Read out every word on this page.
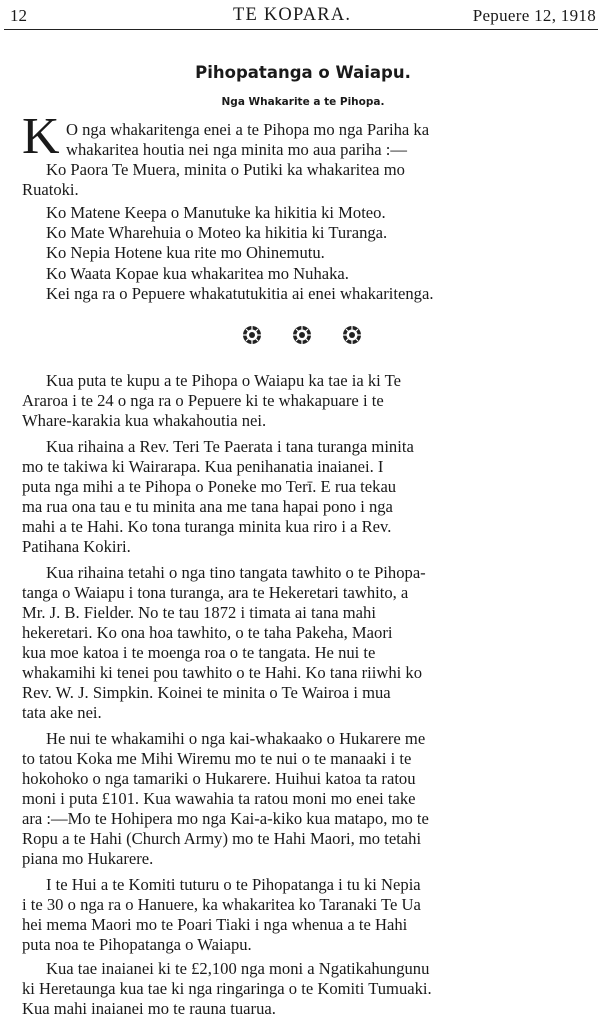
12	TE KOPARA.	Pepuere 12, 1918
Pihopatanga o Waiapu.
Nga Whakarite a te Pihopa.
K O nga whakaritenga enei a te Pihopa mo nga Pariha ka

whakaritea houtia nei nga minita mo aua pariha :—

Ko Paora Te Muera, minita o Putiki ka whakaritea mo

Ruatoki.

Ko Matene Keepa o Manutuke ka hikitia ki Moteo.

Ko Mate Wharehuia o Moteo ka hikitia ki Turanga.

Ko Nepia Hotene kua rite mo Ohinemutu.

Ko Waata Kopae kua whakaritea mo Nuhaka.

Kei nga ra o Pepuere whakatutukitia ai enei whakaritenga.

Kua puta te kupu a te Pihopa o Waiapu ka tae ia ki Te

Araroa i te 24 o nga ra o Pepuere ki te whakapuare i te

Whare-karakia kua whakahoutia nei.

Kua rihaina a Rev. Teri Te Paerata i tana turanga minita

mo te takiwa ki Wairarapa. Kua penihanatia inaianei. I

puta nga mihi a te Pihopa o Poneke mo Terī. E rua tekau

ma rua ona tau e tu minita ana me tana hapai pono i nga

mahi a te Hahi. Ko tona turanga minita kua riro i a Rev.

Patihana Kokiri.

Kua rihaina tetahi o nga tino tangata tawhito o te Pihopa-

tanga o Waiapu i tona turanga, ara te Hekeretari tawhito, a

Mr. J. B. Fielder. No te tau 1872 i timata ai tana mahi

hekeretari. Ko ona hoa tawhito, o te taha Pakeha, Maori

kua moe katoa i te moenga roa o te tangata. He nui te

whakamihi ki tenei pou tawhito o te Hahi. Ko tana riiwhi ko

Rev. W. J. Simpkin. Koinei te minita o Te Wairoa i mua

tata ake nei.

He nui te whakamihi o nga kai-whakaako o Hukarere me

to tatou Koka me Mihi Wiremu mo te nui o te manaaki i te

hokohoko o nga tamariki o Hukarere. Huihui katoa ta ratou

moni i puta £101. Kua wawahia ta ratou moni mo enei take

ara :—Mo te Hohipera mo nga Kai-a-kiko kua matapo, mo te

Ropu a te Hahi (Church Army) mo te Hahi Maori, mo tetahi

piana mo Hukarere.

I te Hui a te Komiti tuturu o te Pihopatanga i tu ki Nepia

i te 30 o nga ra o Hanuere, ka whakaritea ko Taranaki Te Ua

hei mema Maori mo te Poari Tiaki i nga whenua a te Hahi

puta noa te Pihopatanga o Waiapu.

Kua tae inaianei ki te £2,100 nga moni a Ngatikahungunu

ki Heretaunga kua tae ki nga ringaringa o te Komiti Tumuaki.

Kua mahi inaianei mo te rauna tuarua.
